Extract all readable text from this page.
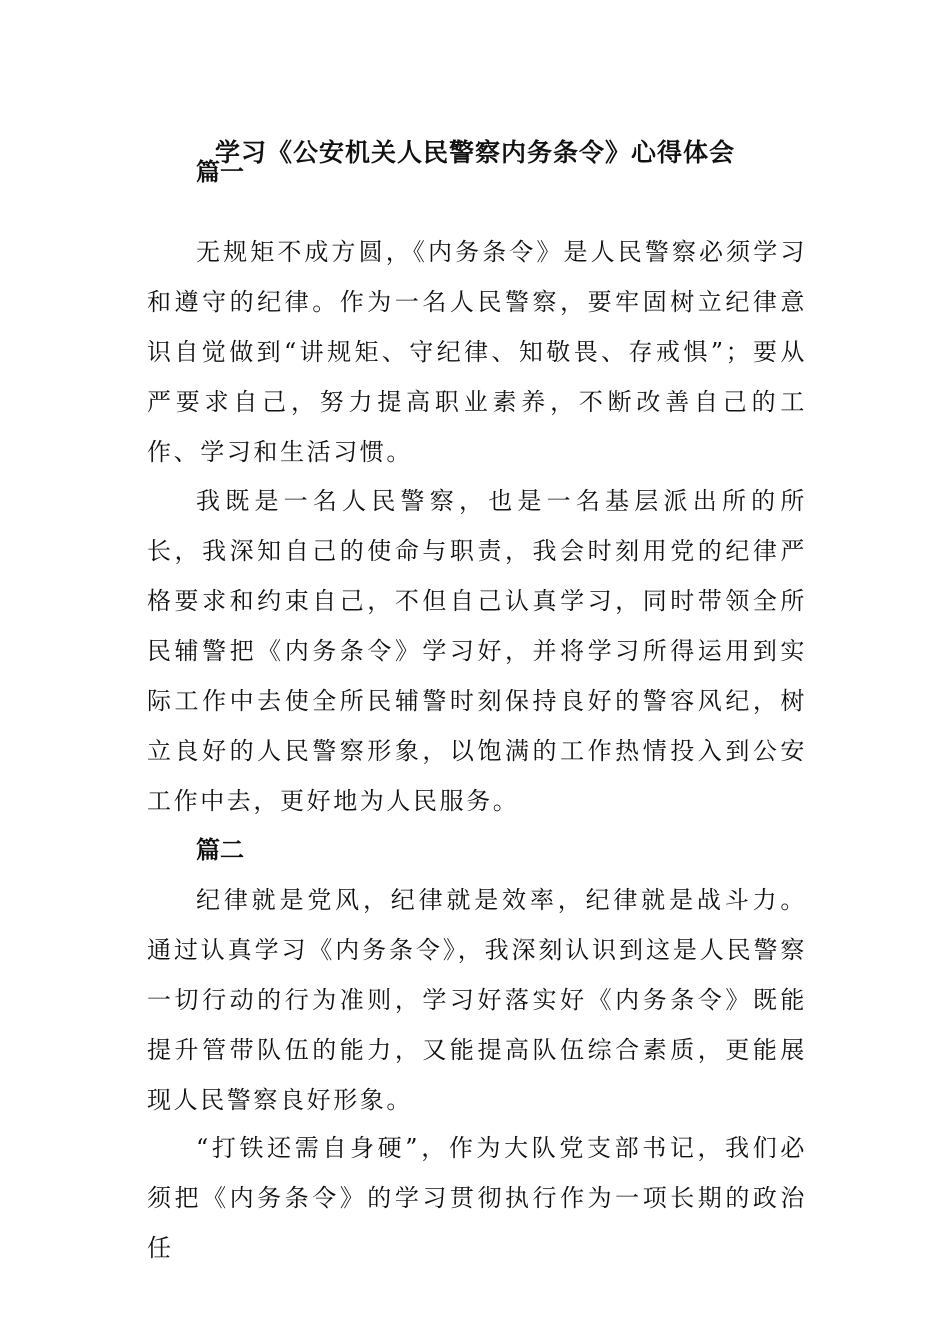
学习《公安机关人民警察内务条令》心得体会
篇一
无规矩不成方圆，《内务条令》是人民警察必须学习和遵守的纪律。作为一名人民警察，要牢固树立纪律意识自觉做到“讲规矩、守纪律、知敬畏、存戒惧”；要从严要求自己，努力提高职业素养，不断改善自己的工作、学习和生活习惯。
我既是一名人民警察，也是一名基层派出所的所长，我深知自己的使命与职责，我会时刻用党的纪律严格要求和约束自己，不但自己认真学习，同时带领全所民辅警把《内务条令》学习好，并将学习所得运用到实际工作中去使全所民辅警时刻保持良好的警容风纪，树立良好的人民警察形象，以饱满的工作热情投入到公安工作中去，更好地为人民服务。
篇二
纪律就是党风，纪律就是效率，纪律就是战斗力。通过认真学习《内务条令》，我深刻认识到这是人民警察一切行动的行为准则，学习好落实好《内务条令》既能提升管带队伍的能力，又能提高队伍综合素质，更能展现人民警察良好形象。
“打铁还需自身硬”，作为大队党支部书记，我们必须把《内务条令》的学习贯彻执行作为一项长期的政治任
